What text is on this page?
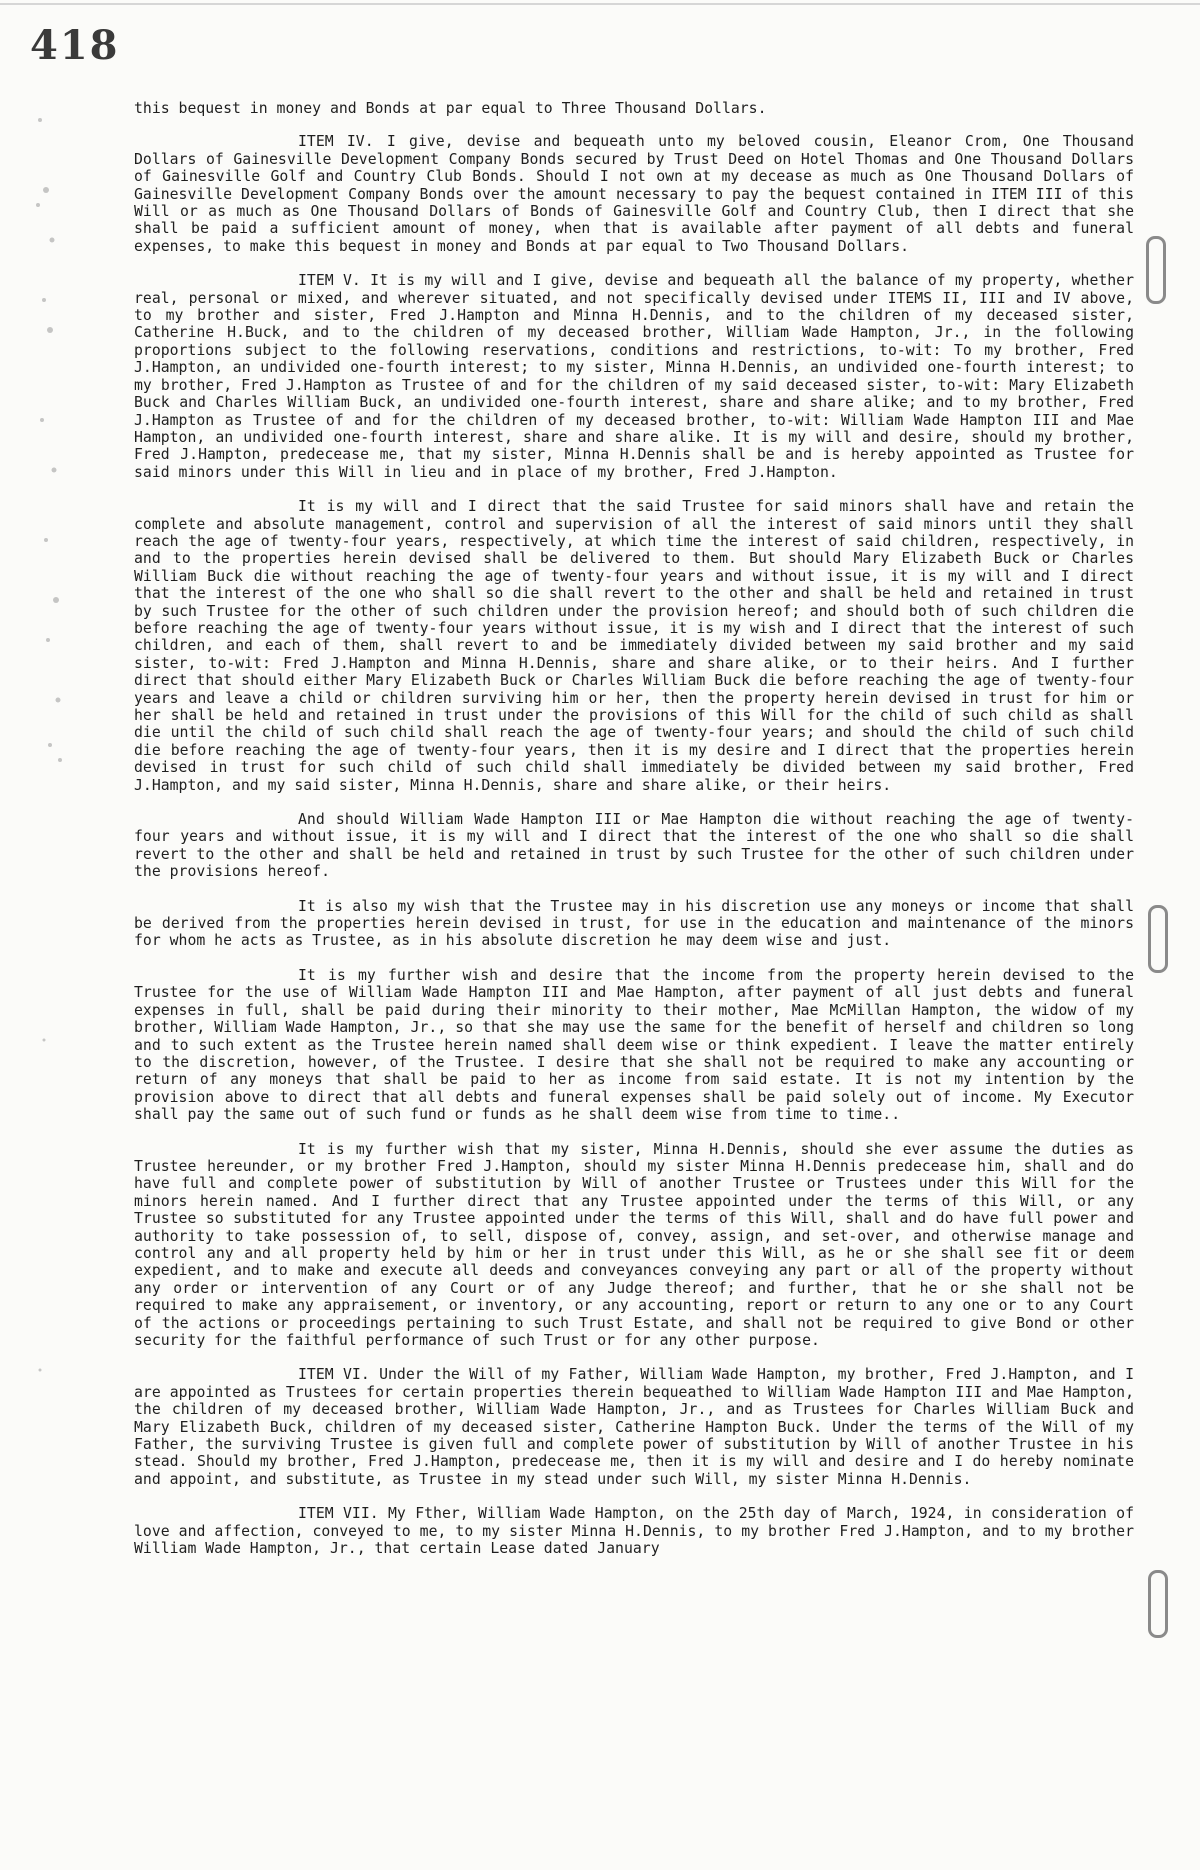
418

this bequest in money and Bonds at par equal to Three Thousand Dollars.

ITEM IV. I give, devise and bequeath unto my beloved cousin, Eleanor Crom, One Thousand Dollars of Gainesville Development Company Bonds secured by Trust Deed on Hotel Thomas and One Thousand Dollars of Gainesville Golf and Country Club Bonds. Should I not own at my decease as much as One Thousand Dollars of Gainesville Development Company Bonds over the amount necessary to pay the bequest contained in ITEM III of this Will or as much as One Thousand Dollars of Bonds of Gainesville Golf and Country Club, then I direct that she shall be paid a sufficient amount of money, when that is available after payment of all debts and funeral expenses, to make this bequest in money and Bonds at par equal to Two Thousand Dollars.

ITEM V. It is my will and I give, devise and bequeath all the balance of my property, whether real, personal or mixed, and wherever situated, and not specifically devised under ITEMS II, III and IV above, to my brother and sister, Fred J.Hampton and Minna H.Dennis, and to the children of my deceased sister, Catherine H.Buck, and to the children of my deceased brother, William Wade Hampton, Jr., in the following proportions subject to the following reservations, conditions and restrictions, to-wit: To my brother, Fred J.Hampton, an undivided one-fourth interest; to my sister, Minna H.Dennis, an undivided one-fourth interest; to my brother, Fred J.Hampton as Trustee of and for the children of my said deceased sister, to-wit: Mary Elizabeth Buck and Charles William Buck, an undivided one-fourth interest, share and share alike; and to my brother, Fred J.Hampton as Trustee of and for the children of my deceased brother, to-wit: William Wade Hampton III and Mae Hampton, an undivided one-fourth interest, share and share alike. It is my will and desire, should my brother, Fred J.Hampton, predecease me, that my sister, Minna H.Dennis shall be and is hereby appointed as Trustee for said minors under this Will in lieu and in place of my brother, Fred J.Hampton.

It is my will and I direct that the said Trustee for said minors shall have and retain the complete and absolute management, control and supervision of all the interest of said minors until they shall reach the age of twenty-four years, respectively, at which time the interest of said children, respectively, in and to the properties herein devised shall be delivered to them. But should Mary Elizabeth Buck or Charles William Buck die without reaching the age of twenty-four years and without issue, it is my will and I direct that the interest of the one who shall so die shall revert to the other and shall be held and retained in trust by such Trustee for the other of such children under the provision hereof; and should both of such children die before reaching the age of twenty-four years without issue, it is my wish and I direct that the interest of such children, and each of them, shall revert to and be immediately divided between my said brother and my said sister, to-wit: Fred J.Hampton and Minna H.Dennis, share and share alike, or to their heirs. And I further direct that should either Mary Elizabeth Buck or Charles William Buck die before reaching the age of twenty-four years and leave a child or children surviving him or her, then the property herein devised in trust for him or her shall be held and retained in trust under the provisions of this Will for the child of such child as shall die until the child of such child shall reach the age of twenty-four years; and should the child of such child die before reaching the age of twenty-four years, then it is my desire and I direct that the properties herein devised in trust for such child of such child shall immediately be divided between my said brother, Fred J.Hampton, and my said sister, Minna H.Dennis, share and share alike, or their heirs.

And should William Wade Hampton III or Mae Hampton die without reaching the age of twenty-four years and without issue, it is my will and I direct that the interest of the one who shall so die shall revert to the other and shall be held and retained in trust by such Trustee for the other of such children under the provisions hereof.

It is also my wish that the Trustee may in his discretion use any moneys or income that shall be derived from the properties herein devised in trust, for use in the education and maintenance of the minors for whom he acts as Trustee, as in his absolute discretion he may deem wise and just.

It is my further wish and desire that the income from the property herein devised to the Trustee for the use of William Wade Hampton III and Mae Hampton, after payment of all just debts and funeral expenses in full, shall be paid during their minority to their mother, Mae McMillan Hampton, the widow of my brother, William Wade Hampton, Jr., so that she may use the same for the benefit of herself and children so long and to such extent as the Trustee herein named shall deem wise or think expedient. I leave the matter entirely to the discretion, however, of the Trustee. I desire that she shall not be required to make any accounting or return of any moneys that shall be paid to her as income from said estate. It is not my intention by the provision above to direct that all debts and funeral expenses shall be paid solely out of income. My Executor shall pay the same out of such fund or funds as he shall deem wise from time to time..

It is my further wish that my sister, Minna H.Dennis, should she ever assume the duties as Trustee hereunder, or my brother Fred J.Hampton, should my sister Minna H.Dennis predecease him, shall and do have full and complete power of substitution by Will of another Trustee or Trustees under this Will for the minors herein named. And I further direct that any Trustee appointed under the terms of this Will, or any Trustee so substituted for any Trustee appointed under the terms of this Will, shall and do have full power and authority to take possession of, to sell, dispose of, convey, assign, and set-over, and otherwise manage and control any and all property held by him or her in trust under this Will, as he or she shall see fit or deem expedient, and to make and execute all deeds and conveyances conveying any part or all of the property without any order or intervention of any Court or of any Judge thereof; and further, that he or she shall not be required to make any appraisement, or inventory, or any accounting, report or return to any one or to any Court of the actions or proceedings pertaining to such Trust Estate, and shall not be required to give Bond or other security for the faithful performance of such Trust or for any other purpose.

ITEM VI. Under the Will of my Father, William Wade Hampton, my brother, Fred J.Hampton, and I are appointed as Trustees for certain properties therein bequeathed to William Wade Hampton III and Mae Hampton, the children of my deceased brother, William Wade Hampton, Jr., and as Trustees for Charles William Buck and Mary Elizabeth Buck, children of my deceased sister, Catherine Hampton Buck. Under the terms of the Will of my Father, the surviving Trustee is given full and complete power of substitution by Will of another Trustee in his stead. Should my brother, Fred J.Hampton, predecease me, then it is my will and desire and I do hereby nominate and appoint, and substitute, as Trustee in my stead under such Will, my sister Minna H.Dennis.

ITEM VII. My Fther, William Wade Hampton, on the 25th day of March, 1924, in consideration of love and affection, conveyed to me, to my sister Minna H.Dennis, to my brother Fred J.Hampton, and to my brother William Wade Hampton, Jr., that certain Lease dated January
